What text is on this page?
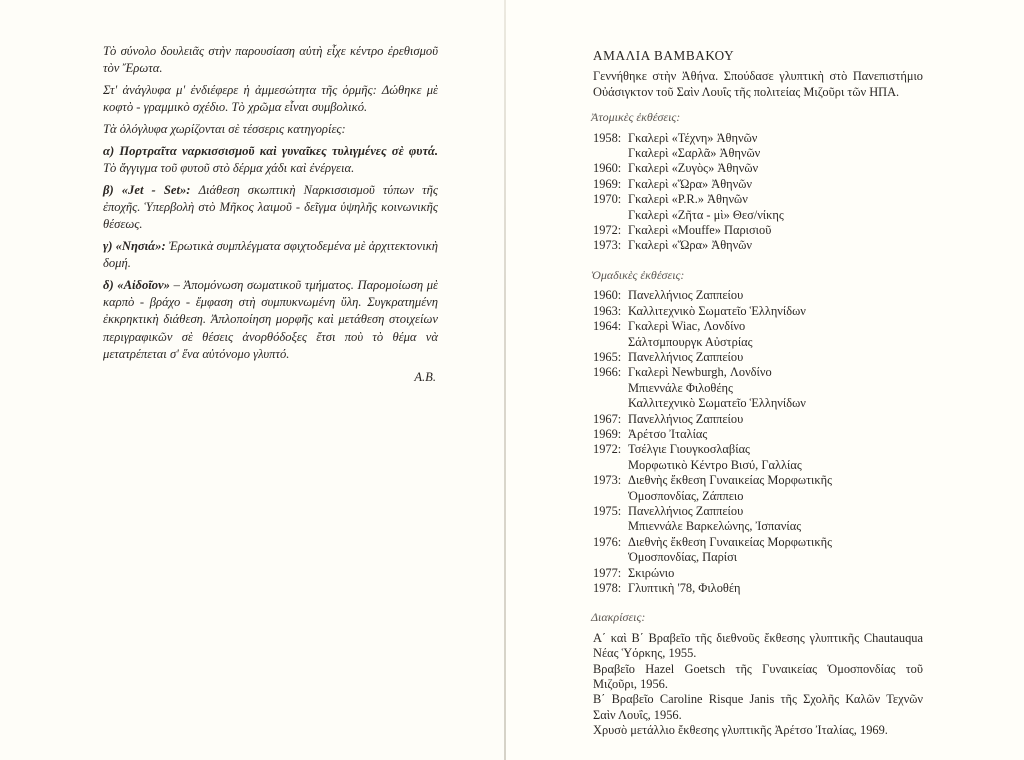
Τὸ σύνολο δουλειᾶς στὴν παρουσίαση αὐτὴ εἶχε κέντρο ἐρεθισμοῦ τὸν Ἔρωτα.

Στ' ἀνάγλυφα μ' ἐνδιέφερε ἡ ἀμμεσώτητα τῆς ὁρμῆς: Δώθηκε μὲ κοφτὸ - γραμμικὸ σχέδιο. Τὸ χρῶμα εἶναι συμβολικό.

Τὰ ὁλόγλυφα χωρίζονται σὲ τέσσερις κατηγορίες:

α) Πορτραῖτα ναρκισσισμοῦ καὶ γυναῖκες τυλιγμένες σὲ φυτά. Τὸ ἄγγιγμα τοῦ φυτοῦ στὸ δέρμα χάδι καὶ ἐνέργεια.

β) «Jet - Set»: Διάθεση σκωπτικὴ Ναρκισσισμοῦ τύπων τῆς ἐποχῆς. Ὑπερβολὴ στὸ Μῆκος λαιμοῦ - δεῖγμα ὑψηλῆς κοινωνικῆς θέσεως.

γ) «Νησιά»: Ἐρωτικὰ συμπλέγματα σφιχτοδεμένα μὲ ἀρχιτεκτονικὴ δομή.

δ) «Αἰδοῖον» – Ἀπομόνωση σωματικοῦ τμήματος. Παρομοίωση μὲ καρπὸ - βράχο - ἔμφαση στὴ συμπυκνωμένη ὕλη. Συγκρατημένη ἐκκρηκτικὴ διάθεση. Ἀπλοποίηση μορφῆς καὶ μετάθεση στοιχείων περιγραφικῶν σὲ θέσεις ἀνορθόδοξες ἔτσι ποὺ τὸ θέμα νὰ μετατρέπεται σ' ἕνα αὐτόνομο γλυπτό.

Α.Β.

ΑΜΑΛΙΑ ΒΑΜΒΑΚΟΥ

Γεννήθηκε στὴν Ἀθήνα. Σπούδασε γλυπτικὴ στὸ Πανεπιστήμιο Οὐάσιγκτον τοῦ Σαὶν Λουΐς τῆς πολιτείας Μιζοῦρι τῶν ΗΠΑ.

Ἀτομικὲς ἐκθέσεις:
1958: Γκαλερὶ «Τέχνη» Ἀθηνῶν
Γκαλερὶ «Σαρλᾶ» Ἀθηνῶν
1960: Γκαλερὶ «Ζυγὸς» Ἀθηνῶν
1969: Γκαλερὶ «Ὥρα» Ἀθηνῶν
1970: Γκαλερὶ «P.R.» Ἀθηνῶν
Γκαλερὶ «Ζῆτα - μὶ» Θεσ/νίκης
1972: Γκαλερὶ «Mouffe» Παρισιοῦ
1973: Γκαλερὶ «Ὥρα» Ἀθηνῶν
Ὁμαδικὲς ἐκθέσεις:
1960: Πανελλήνιος Ζαππείου
1963: Καλλιτεχνικὸ Σωματεῖο Ἑλληνίδων
1964: Γκαλερὶ Wiac, Λονδίνο
Σάλτσμπουργκ Αὐστρίας
1965: Πανελλήνιος Ζαππείου
1966: Γκαλερὶ Newburgh, Λονδίνο
Μπιεννάλε Φιλοθέης
Καλλιτεχνικὸ Σωματεῖο Ἑλληνίδων
1967: Πανελλήνιος Ζαππείου
1969: Ἀρέτσο Ἰταλίας
1972: Τσέλγιε Γιουγκοσλαβίας
Μορφωτικὸ Κέντρο Βισύ, Γαλλίας
1973: Διεθνὴς ἔκθεση Γυναικείας Μορφωτικῆς
Ὁμοσπονδίας, Ζάππειο
1975: Πανελλήνιος Ζαππείου
Μπιεννάλε Βαρκελώνης, Ἰσπανίας
1976: Διεθνὴς ἔκθεση Γυναικείας Μορφωτικῆς
Ὁμοσπονδίας, Παρίσι
1977: Σκιρώνιο
1978: Γλυπτικὴ '78, Φιλοθέη
Διακρίσεις:

Α΄ καὶ Β΄ Βραβεῖο τῆς διεθνοῦς ἔκθεσης γλυπτικῆς Chautauqua Νέας Ὑόρκης, 1955.

Βραβεῖο Hazel Goetsch τῆς Γυναικείας Ὁμοσπονδίας τοῦ Μιζοῦρι, 1956.

Β΄ Βραβεῖο Caroline Risque Janis τῆς Σχολῆς Καλῶν Τεχνῶν Σαὶν Λουΐς, 1956.

Χρυσὸ μετάλλιο ἔκθεσης γλυπτικῆς Ἀρέτσο Ἰταλίας, 1969.
